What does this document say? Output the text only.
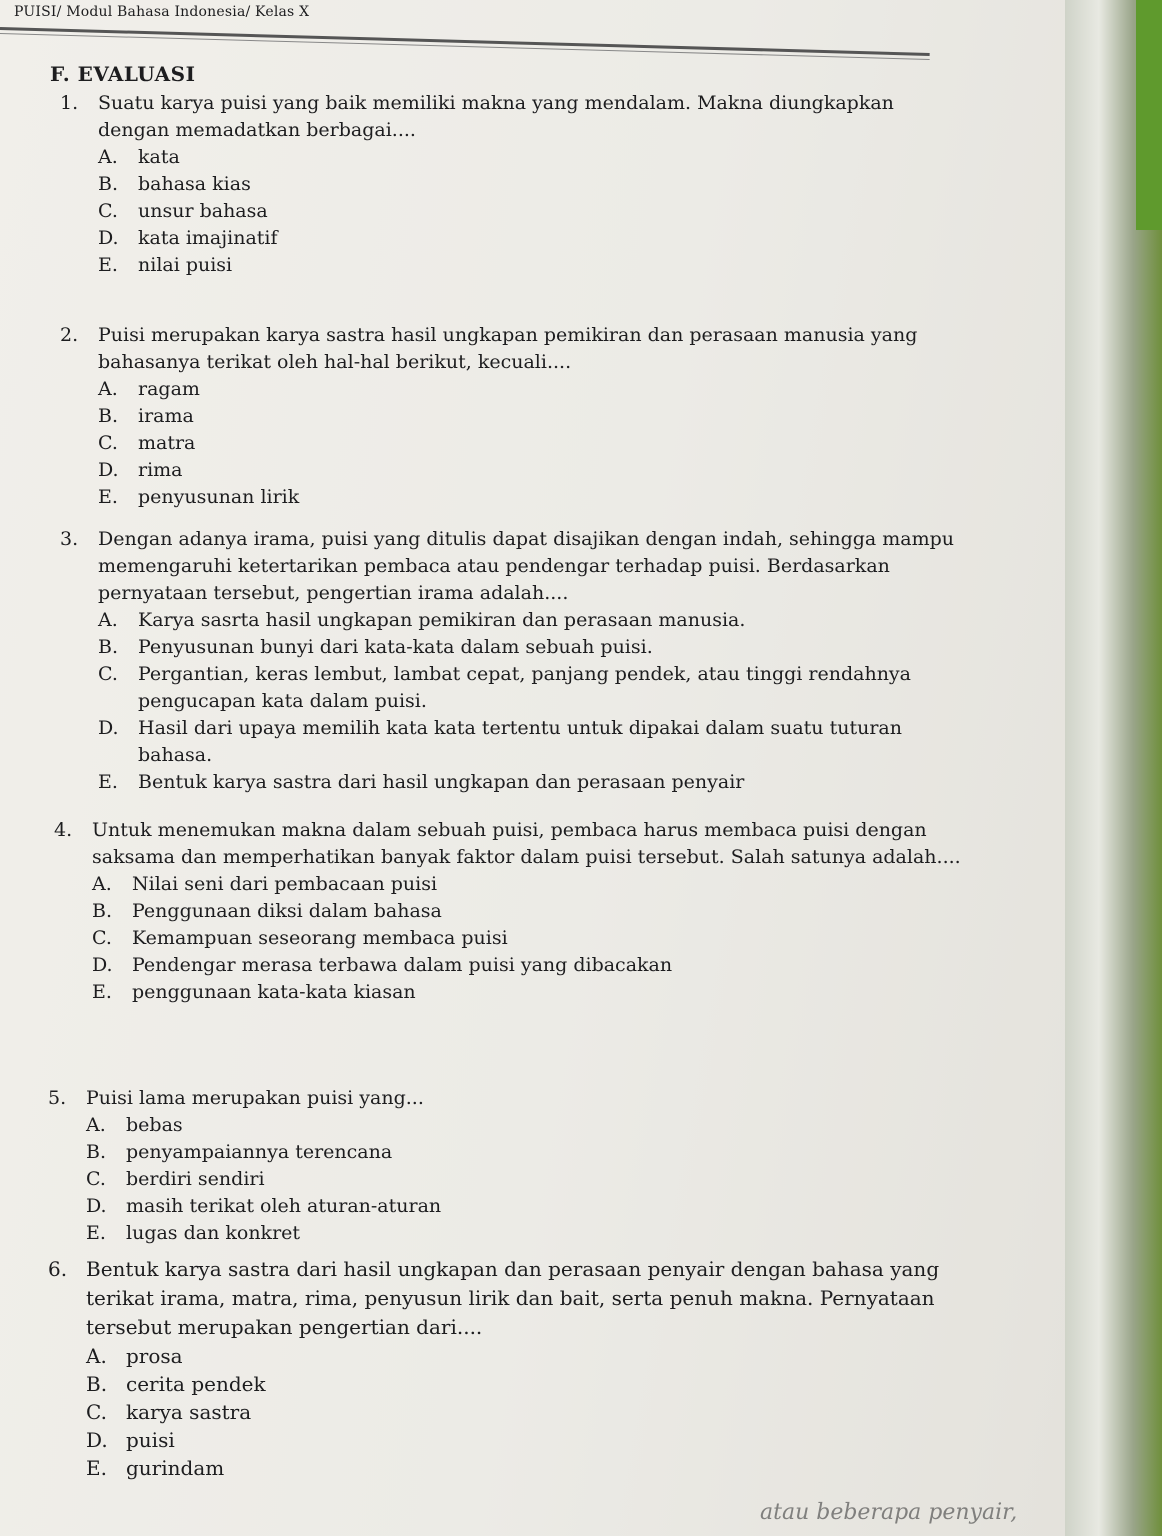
PUISI/ Modul Bahasa Indonesia/ Kelas X
F. EVALUASI
1.	Suatu karya puisi yang baik memiliki makna yang mendalam. Makna diungkapkan dengan memadatkan berbagai....
A.	kata
B.	bahasa kias
C.	unsur bahasa
D.	kata imajinatif
E.	nilai puisi
2.	Puisi merupakan karya sastra hasil ungkapan pemikiran dan perasaan manusia yang bahasanya terikat oleh hal-hal berikut, kecuali....
A.	ragam
B.	irama
C.	matra
D.	rima
E.	penyusunan lirik
3.	Dengan adanya irama, puisi yang ditulis dapat disajikan dengan indah, sehingga mampu memengaruhi ketertarikan pembaca atau pendengar terhadap puisi. Berdasarkan pernyataan tersebut, pengertian irama adalah....
A.	Karya sasrta hasil ungkapan pemikiran dan perasaan manusia.
B.	Penyusunan bunyi dari kata-kata dalam sebuah puisi.
C.	Pergantian, keras lembut, lambat cepat, panjang pendek, atau tinggi rendahnya pengucapan kata dalam puisi.
D.	Hasil dari upaya memilih kata kata tertentu untuk dipakai dalam suatu tuturan bahasa.
E.	Bentuk karya sastra dari hasil ungkapan dan perasaan penyair
4.	Untuk menemukan makna dalam sebuah puisi, pembaca harus membaca puisi dengan saksama dan memperhatikan banyak faktor dalam puisi tersebut. Salah satunya adalah....
A.	Nilai seni dari pembacaan puisi
B.	Penggunaan diksi dalam bahasa
C.	Kemampuan seseorang membaca puisi
D.	Pendengar merasa terbawa dalam puisi yang dibacakan
E.	penggunaan kata-kata kiasan
5.	Puisi lama merupakan puisi yang...
A.	bebas
B.	penyampaiannya terencana
C.	berdiri sendiri
D.	masih terikat oleh aturan-aturan
E.	lugas dan konkret
6. Bentuk karya sastra dari hasil ungkapan dan perasaan penyair dengan bahasa yang terikat irama, matra, rima, penyusun lirik dan bait, serta penuh makna. Pernyataan tersebut merupakan pengertian dari....
A. prosa
B. cerita pendek
C. karya sastra
D. puisi
E. gurindam
atau beberapa penyair,
